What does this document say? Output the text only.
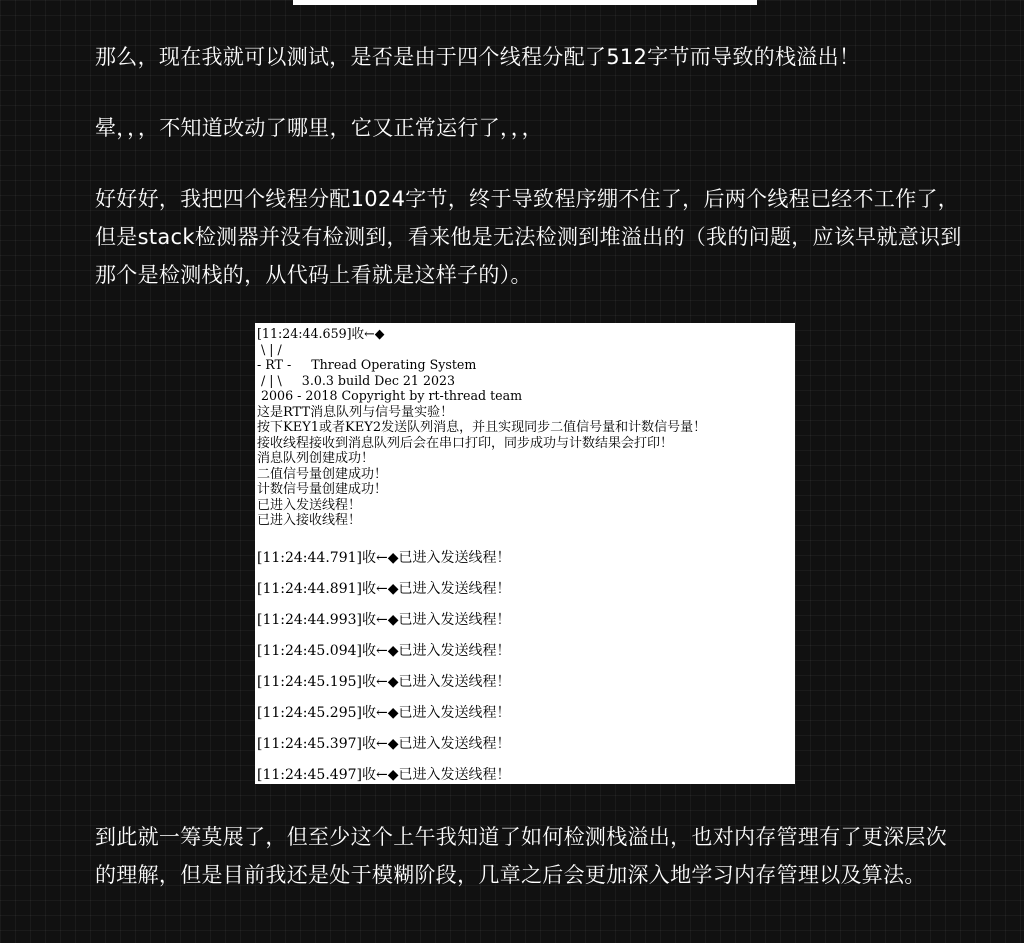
那么，现在我就可以测试，是否是由于四个线程分配了512字节而导致的栈溢出！

晕，，，不知道改动了哪里，它又正常运行了，，，

好好好，我把四个线程分配1024字节，终于导致程序绷不住了，后两个线程已经不工作了，但是stack检测器并没有检测到，看来他是无法检测到堆溢出的（我的问题，应该早就意识到那个是检测栈的，从代码上看就是这样子的）。

[11:24:44.659]收←◆
\ | /
- RT -     Thread Operating System
/ | \     3.0.3 build Dec 21 2023
2006 - 2018 Copyright by rt-thread team
这是RTT消息队列与信号量实验！
按下KEY1或者KEY2发送队列消息，并且实现同步二值信号量和计数信号量！
接收线程接收到消息队列后会在串口打印，同步成功与计数结果会打印！
消息队列创建成功！
二值信号量创建成功！
计数信号量创建成功！
已进入发送线程！
已进入接收线程！
[11:24:44.791]收←◆已进入发送线程！
[11:24:44.891]收←◆已进入发送线程！
[11:24:44.993]收←◆已进入发送线程！
[11:24:45.094]收←◆已进入发送线程！
[11:24:45.195]收←◆已进入发送线程！
[11:24:45.295]收←◆已进入发送线程！
[11:24:45.397]收←◆已进入发送线程！
[11:24:45.497]收←◆已进入发送线程！

到此就一筹莫展了，但至少这个上午我知道了如何检测栈溢出，也对内存管理有了更深层次的理解，但是目前我还是处于模糊阶段，几章之后会更加深入地学习内存管理以及算法。
